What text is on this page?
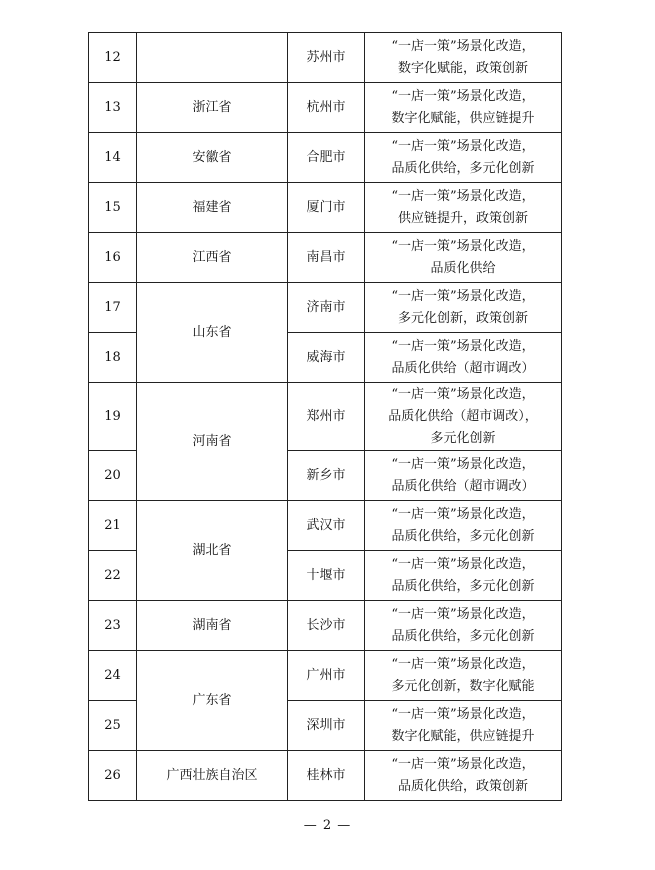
12		苏州市	“一店一策”场景化改造，
数字化赋能，政策创新

13	浙江省	杭州市	“一店一策”场景化改造，
数字化赋能，供应链提升

14	安徽省	合肥市	“一店一策”场景化改造，
品质化供给，多元化创新

15	福建省	厦门市	“一店一策”场景化改造，
供应链提升，政策创新

16	江西省	南昌市	“一店一策”场景化改造，
品质化供给

17	山东省	济南市	“一店一策”场景化改造，
多元化创新，政策创新

18		威海市	“一店一策”场景化改造，
品质化供给（超市调改）

19	河南省	郑州市	“一店一策”场景化改造，
品质化供给（超市调改），
多元化创新

20		新乡市	“一店一策”场景化改造，
品质化供给（超市调改）

21	湖北省	武汉市	“一店一策”场景化改造，
品质化供给，多元化创新

22		十堰市	“一店一策”场景化改造，
品质化供给，多元化创新

23	湖南省	长沙市	“一店一策”场景化改造，
品质化供给，多元化创新

24	广东省	广州市	“一店一策”场景化改造，
多元化创新，数字化赋能

25		深圳市	“一店一策”场景化改造，
数字化赋能，供应链提升

26	广西壮族自治区	桂林市	“一店一策”场景化改造，
品质化供给，政策创新
— 2 —
